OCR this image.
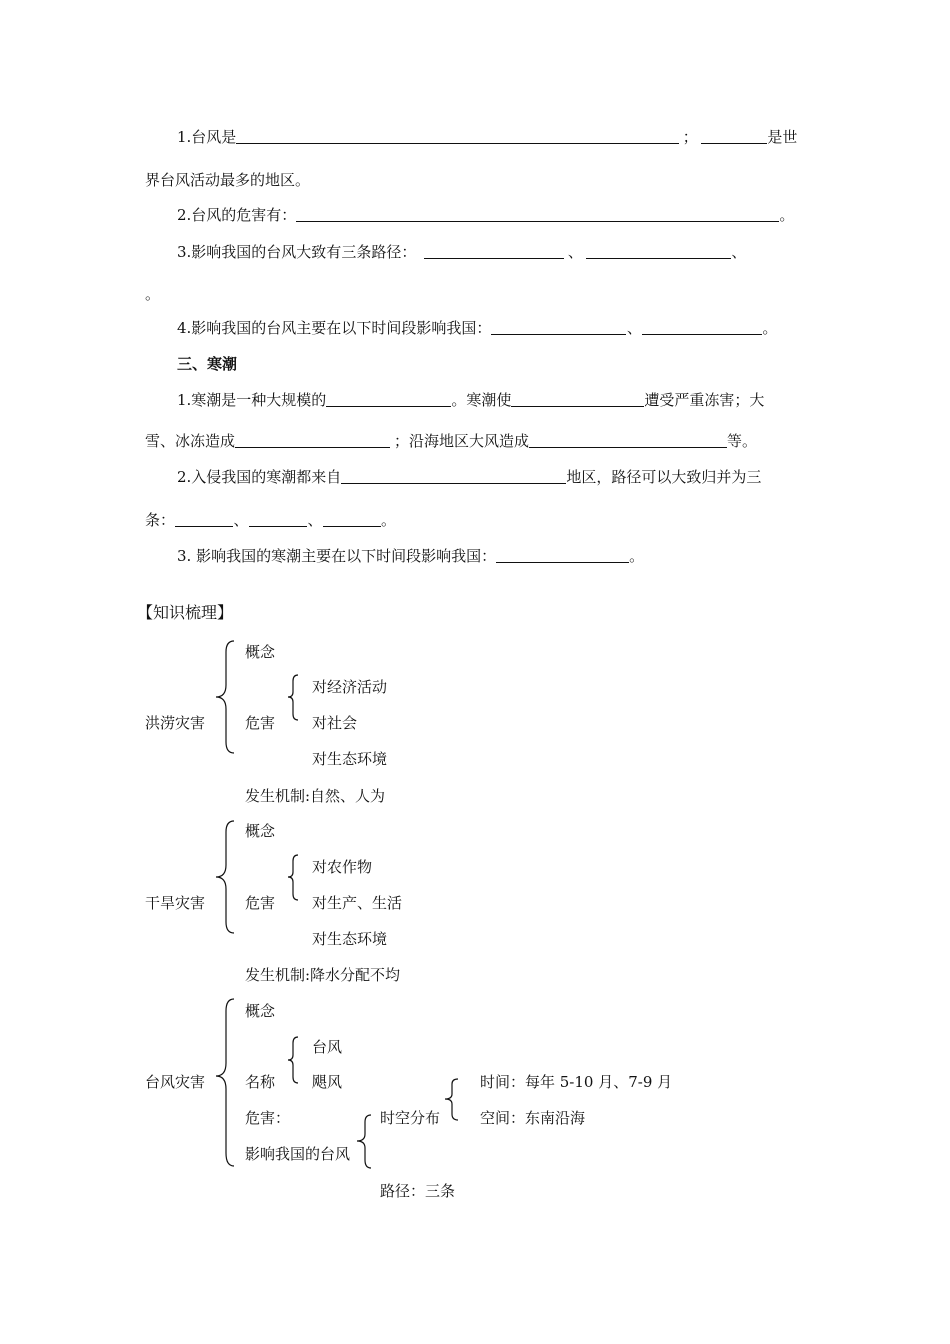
1.台风是	；	是世
界台风活动最多的地区。
2.台风的危害有：	。
3.影响我国的台风大致有三条路径：	、	、
。
4.影响我国的台风主要在以下时间段影响我国：	、	。
三、寒潮
1.寒潮是一种大规模的	。寒潮使	遭受严重冻害；大
雪、冰冻造成	；沿海地区大风造成	等。
2.入侵我国的寒潮都来自	地区，路径可以大致归并为三
条：	、	、	。
3. 影响我国的寒潮主要在以下时间段影响我国：	。
【知识梳理】
洪涝灾害
概念
危害
对经济活动
对社会
对生态环境
发生机制:自然、人为
干旱灾害
概念
危害
对农作物
对生产、生活
对生态环境
发生机制:降水分配不均
台风灾害
概念
名称
台风
飓风
危害：
影响我国的台风
时空分布
时间：每年 5-10 月、7-9 月
空间：东南沿海
路径：三条
